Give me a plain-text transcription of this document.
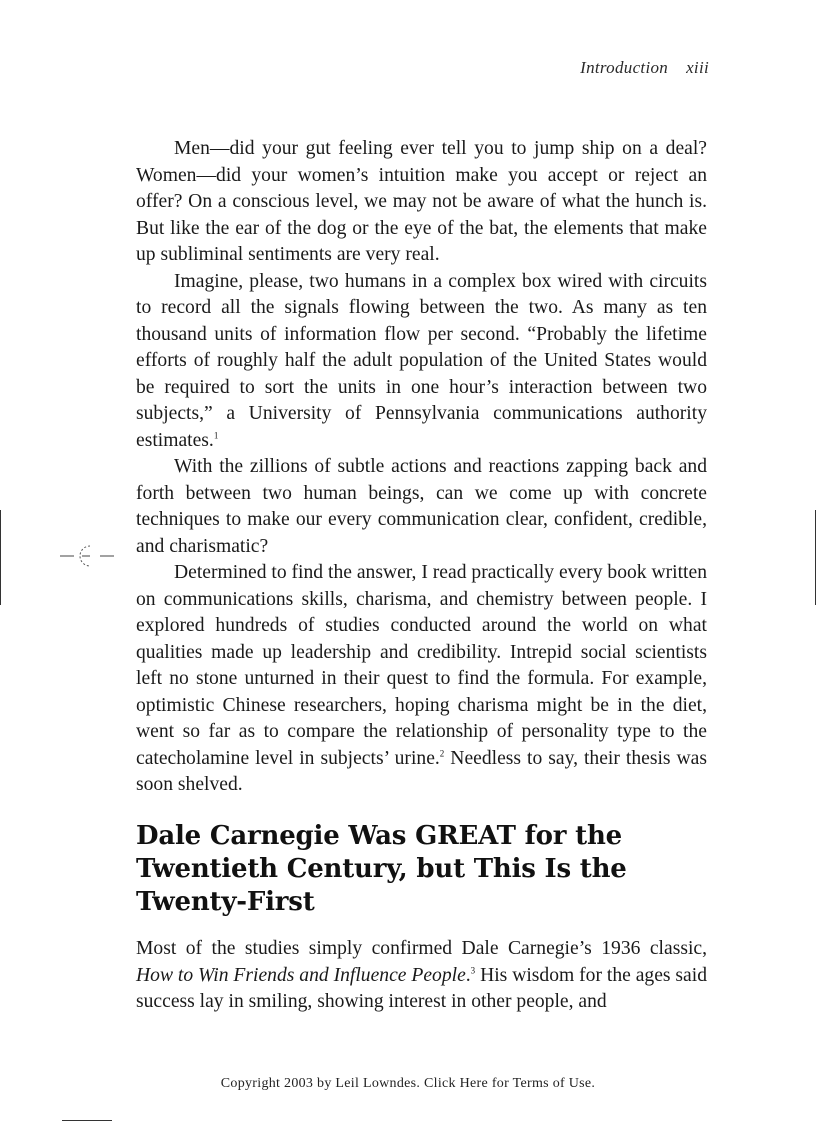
Introduction xiii

Men—did your gut feeling ever tell you to jump ship on a deal? Women—did your women’s intuition make you accept or reject an offer? On a conscious level, we may not be aware of what the hunch is. But like the ear of the dog or the eye of the bat, the elements that make up subliminal sentiments are very real.

Imagine, please, two humans in a complex box wired with circuits to record all the signals flowing between the two. As many as ten thousand units of information flow per second. “Probably the lifetime efforts of roughly half the adult population of the United States would be required to sort the units in one hour’s interaction between two subjects,” a University of Pennsylvania communications authority estimates.$^1$

With the zillions of subtle actions and reactions zapping back and forth between two human beings, can we come up with concrete techniques to make our every communication clear, confident, credible, and charismatic?

Determined to find the answer, I read practically every book written on communications skills, charisma, and chemistry between people. I explored hundreds of studies conducted around the world on what qualities made up leadership and credibility. Intrepid social scientists left no stone unturned in their quest to find the formula. For example, optimistic Chinese researchers, hoping charisma might be in the diet, went so far as to compare the relationship of personality type to the catecholamine level in subjects’ urine.$^2$ Needless to say, their thesis was soon shelved.

Dale Carnegie Was GREAT for the
Twentieth Century, but This Is the
Twenty-First

Most of the studies simply confirmed Dale Carnegie’s 1936 classic, How to Win Friends and Influence People.$^3$ His wisdom for the ages said success lay in smiling, showing interest in other people, and

Copyright 2003 by Leil Lowndes. Click Here for Terms of Use.
